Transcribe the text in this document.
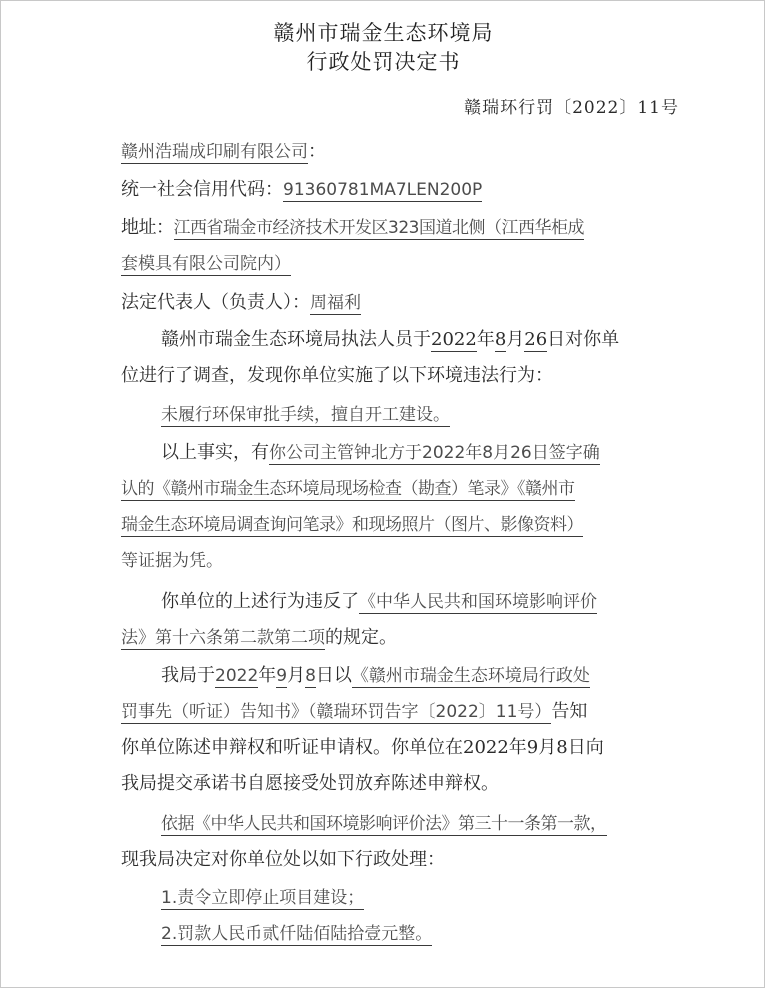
赣州市瑞金生态环境局
行政处罚决定书
赣瑞环行罚〔2022〕11号
赣州浩瑞成印刷有限公司：
统一社会信用代码：91360781MA7LEN200P
地址：江西省瑞金市经济技术开发区323国道北侧（江西华柜成
套模具有限公司院内）
法定代表人（负责人）：周福利
赣州市瑞金生态环境局执法人员于2022年8月26日对你单
位进行了调查，发现你单位实施了以下环境违法行为：
未履行环保审批手续，擅自开工建设。
以上事实，有你公司主管钟北方于2022年8月26日签字确
认的《赣州市瑞金生态环境局现场检查（勘查）笔录》《赣州市
瑞金生态环境局调查询问笔录》和现场照片（图片、影像资料）
等证据为凭。
你单位的上述行为违反了《中华人民共和国环境影响评价
法》第十六条第二款第二项的规定。
我局于2022年9月8日以《赣州市瑞金生态环境局行政处
罚事先（听证）告知书》（赣瑞环罚告字〔2022〕11号）告知
你单位陈述申辩权和听证申请权。你单位在2022年9月8日向
我局提交承诺书自愿接受处罚放弃陈述申辩权。
依据《中华人民共和国环境影响评价法》第三十一条第一款，
现我局决定对你单位处以如下行政处理：
1.责令立即停止项目建设；
2.罚款人民币贰仟陆佰陆拾壹元整。
